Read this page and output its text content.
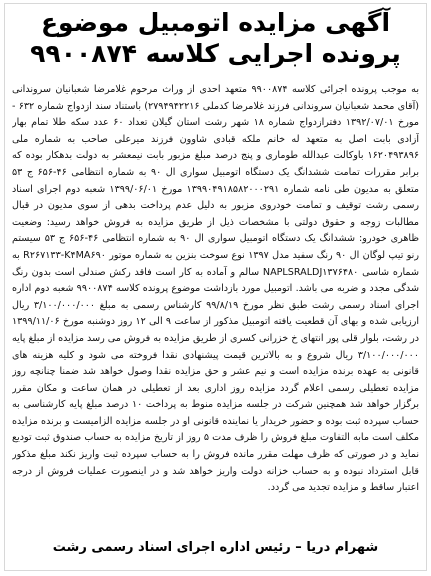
آگهی مزایده اتومبیل موضوع
پرونده اجرایی کلاسه ۹۹۰۰۸۷۴
به موجب پرونده اجرائی کلاسه ۹۹۰۰۸۷۴ متعهد احدی از وراث مرحوم غلامرضا شعبانیان سروندانی (آقای محمد شعبانیان سروندانی فرزند غلامرضا کدملی ۲۷۹۴۹۴۲۲۱۶) باستناد سند ازدواج شماره ۶۳۲ - مورخ ۱۳۹۲/۰۷/۰۱ دفترازدواج شماره ۱۸ شهر رشت استان گیلان تعداد ۶۰ عدد سکه طلا تمام بهار آزادی بابت اصل به متعهد له خانم ملکه قبادی شاوون فرزند میرعلی صاحب به شماره ملی ۱۶۲۰۴۹۳۸۹۶ باوکالت عبدالله طوماری و پنج درصد مبلغ مزبور بابت نیمعشر به دولت بدهکار بوده که برابر مقررات تمامت ششدانگ یک دستگاه اتومبیل سواری ال ۹۰ به شماره انتظامی ۴۶-۶۵۶ ج ۵۳ متعلق به مدیون طی نامه شماره ۱۳۹۹۰۴۹۱۸۵۸۲۰۰۰۲۹۱ مورخ ۱۳۹۹/۰۶/۰۱ شعبه دوم اجرای اسناد رسمی رشت توقیف و تمامت خودروی مزبور به دلیل عدم پرداخت بدهی از سوی مدیون در قبال مطالبات زوجه و حقوق دولتی با مشخصات ذیل از طریق مزایده به فروش خواهد رسید: وضعیت ظاهری خودرو: ششدانگ یک دستگاه اتومبیل سواری ال ۹۰ به شماره انتظامی ۴۶-۶۵۶ ج ۵۳ سیستم رنو تیپ لوگان ال ۹۰ رنگ سفید مدل ۱۳۹۷ نوع سوخت بنزین به شماره موتور R۲۶۷۱۳۳-K۴MA۶۹۰ به شماره شاسی NAPLSRALDJ۱۳۷۶۴۸۰ سالم و آماده به کار است فاقد رکش صندلی است بدون رنگ شدگی مجدد و ضربه می باشد. اتومبیل مورد بازداشت موضوع پرونده کلاسه ۹۹۰۰۸۷۴ شعبه دوم اداره اجرای اسناد رسمی رشت طبق نظر مورخ ۹۹/۸/۱۹ کارشناس رسمی به مبلغ ۳/۱۰۰/۰۰۰/۰۰۰ ریال ارزیابی شده و بهای آن قطعیت یافته اتومبیل مذکور از ساعت ۹ الی ۱۲ روز دوشنبه مورخ ۱۳۹۹/۱۱/۰۶ در رشت، بلوار قلی پور انتهای خ خزرانی کسری از طریق مزایده به فروش می رسد مزایده از مبلغ پایه ۳/۱۰۰/۰۰۰/۰۰۰ ریال شروع و به بالاترین قیمت پیشنهادی نقدا فروخته می شود و کلیه هزینه های قانونی به عهده برنده مزایده است و نیم عشر و حق مزایده نقدا وصول خواهد شد ضمنا چنانچه روز مزایده تعطیلی رسمی اعلام گردد مزایده روز اداری بعد از تعطیلی در همان ساعت و مکان مقرر برگزار خواهد شد همچنین شرکت در جلسه مزایده منوط به پرداخت ۱۰ درصد مبلغ پایه کارشناسی به حساب سپرده ثبت بوده و حضور خریدار یا نماینده قانونی او در جلسه مزایده الزامیست و برنده مزایده مکلف است مابه التفاوت مبلغ فروش را ظرف مدت ۵ روز از تاریخ مزایده به حساب صندوق ثبت تودیع نماید و در صورتی که ظرف مهلت مقرر مانده فروش را به حساب سپرده ثبت واریز نکند مبلغ مذکور قابل استرداد نبوده و به حساب خزانه دولت واریز خواهد شد و در اینصورت عملیات فروش از درجه اعتبار ساقط و مزایده تجدید می گردد.
شهرام دریا – رئیس اداره اجرای اسناد رسمی رشت
